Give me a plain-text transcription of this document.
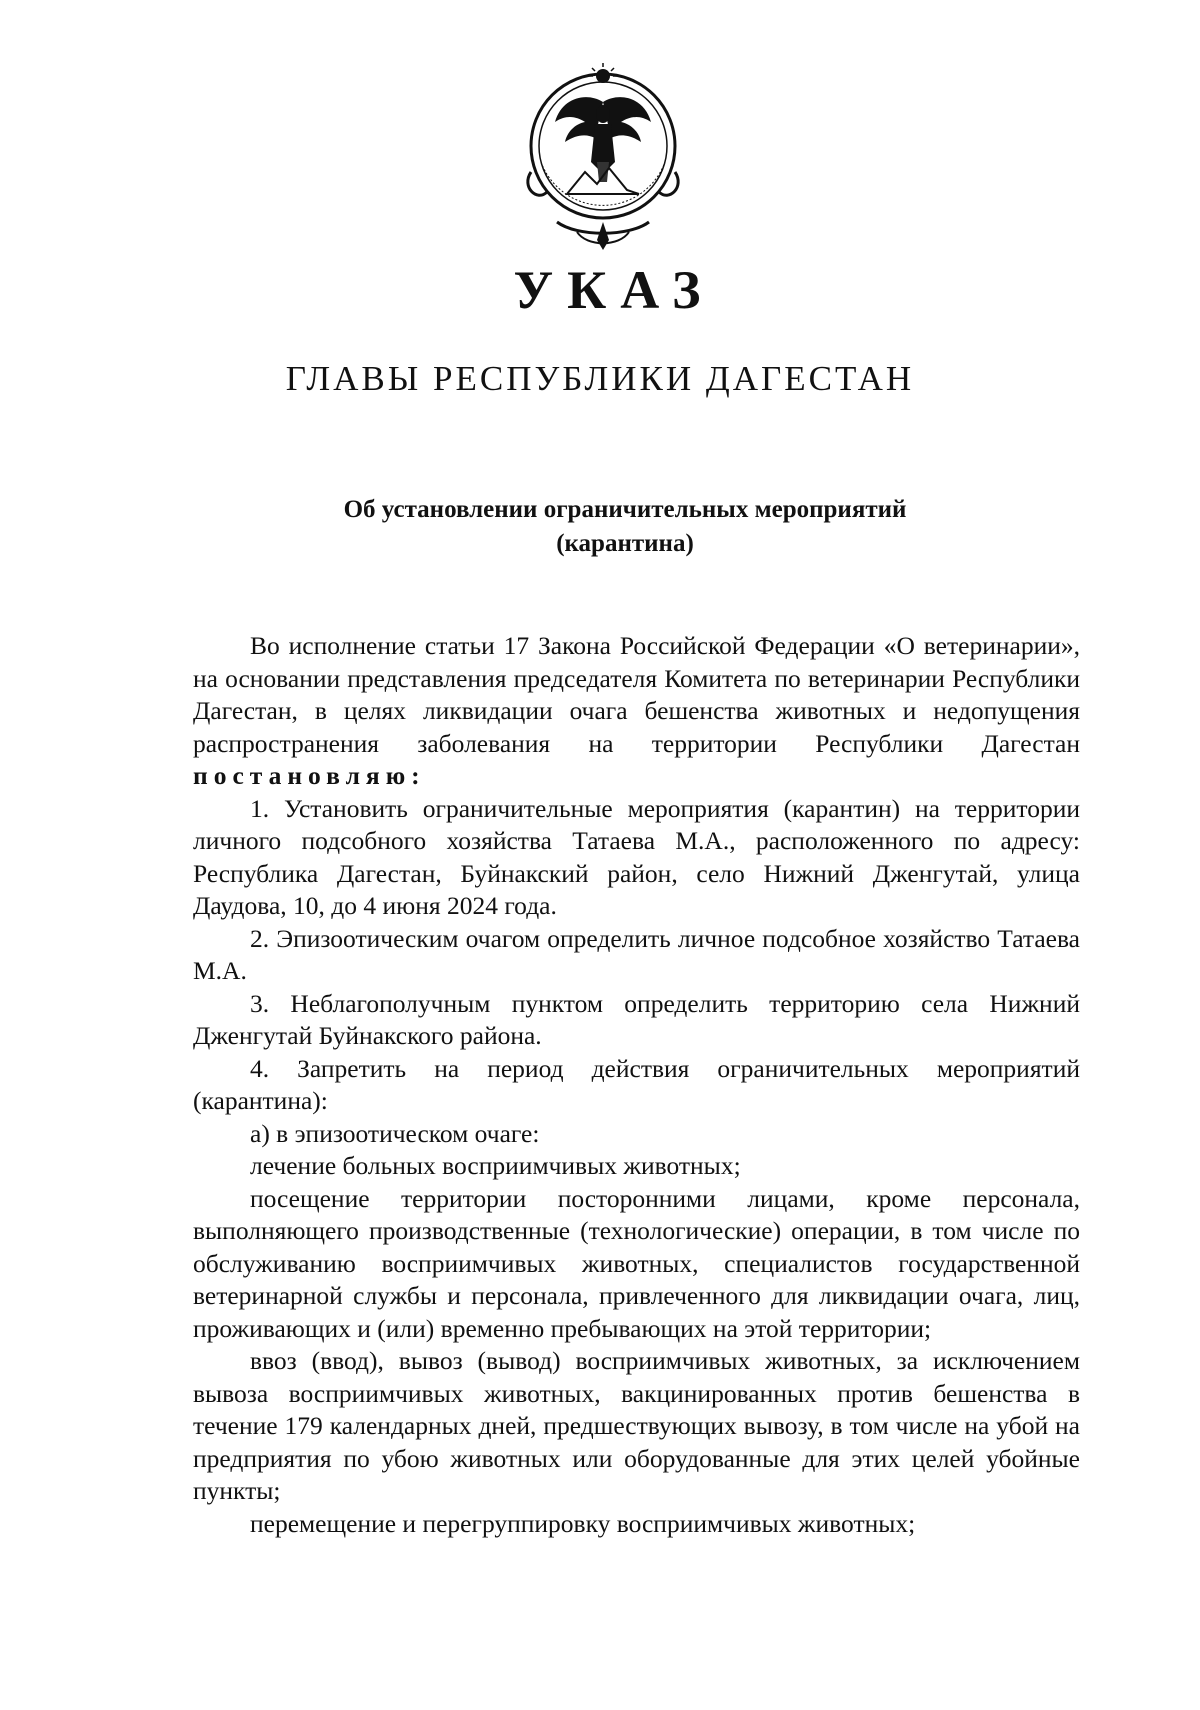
УКАЗ
ГЛАВЫ РЕСПУБЛИКИ ДАГЕСТАН
Об установлении ограничительных мероприятий
(карантина)

Во исполнение статьи 17 Закона Российской Федерации «О ветеринарии», на основании представления председателя Комитета по ветеринарии Республики Дагестан, в целях ликвидации очага бешенства животных и недопущения распространения заболевания на территории Республики Дагестан постановляю:

1. Установить ограничительные мероприятия (карантин) на территории личного подсобного хозяйства Татаева М.А., расположенного по адресу: Республика Дагестан, Буйнакский район, село Нижний Дженгутай, улица Даудова, 10, до 4 июня 2024 года.

2. Эпизоотическим очагом определить личное подсобное хозяйство Татаева М.А.

3. Неблагополучным пунктом определить территорию села Нижний Дженгутай Буйнакского района.

4. Запретить на период действия ограничительных мероприятий (карантина):

а) в эпизоотическом очаге:

лечение больных восприимчивых животных;

посещение территории посторонними лицами, кроме персонала, выполняющего производственные (технологические) операции, в том числе по обслуживанию восприимчивых животных, специалистов государственной ветеринарной службы и персонала, привлеченного для ликвидации очага, лиц, проживающих и (или) временно пребывающих на этой территории;

ввоз (ввод), вывоз (вывод) восприимчивых животных, за исключением вывоза восприимчивых животных, вакцинированных против бешенства в течение 179 календарных дней, предшествующих вывозу, в том числе на убой на предприятия по убою животных или оборудованные для этих целей убойные пункты;

перемещение и перегруппировку восприимчивых животных;
